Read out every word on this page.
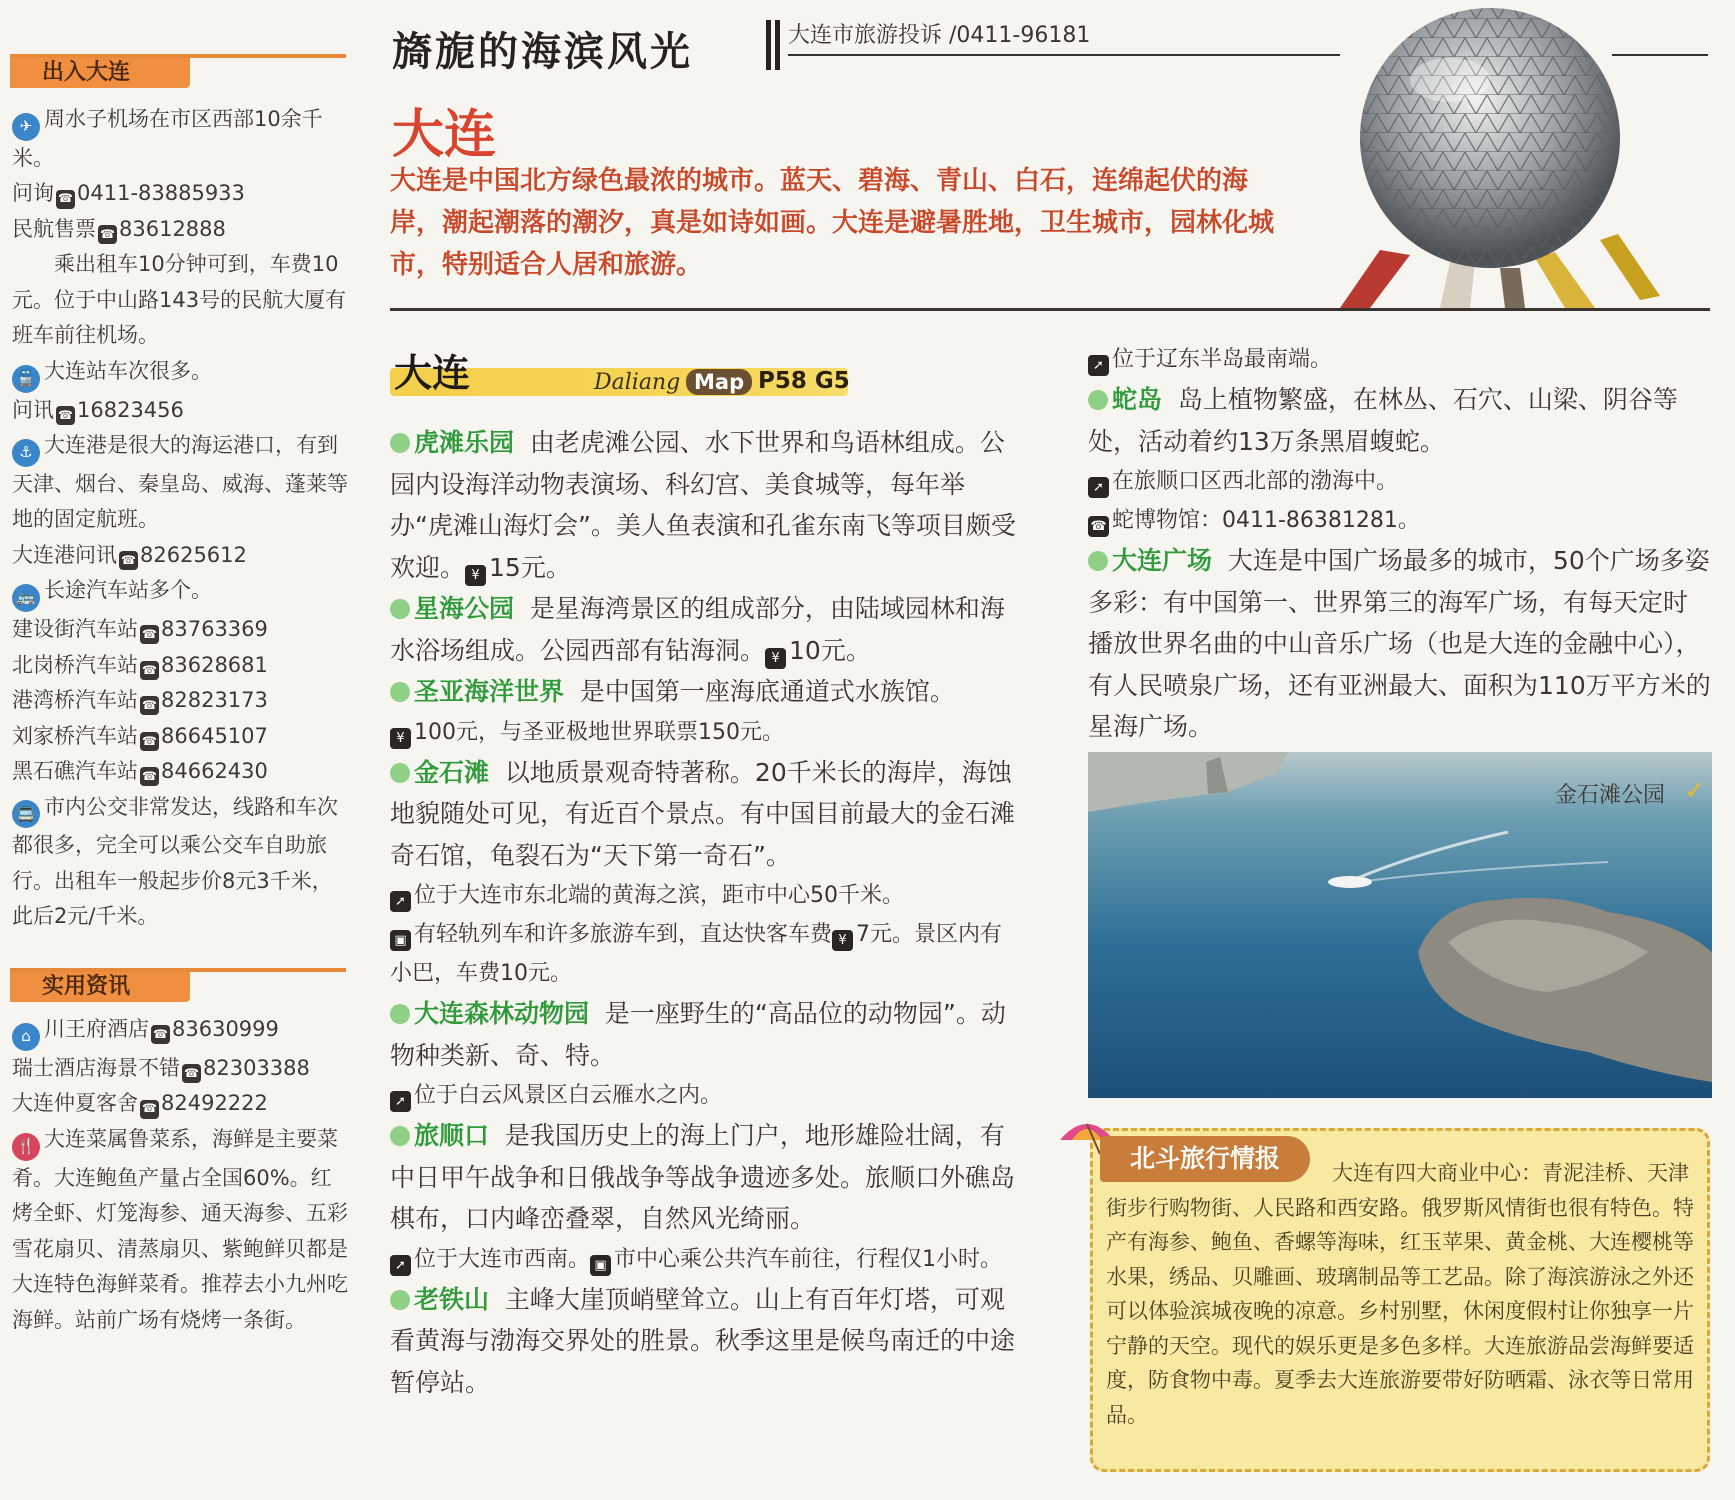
出入大连

✈ 周水子机场在市区西部10余千米。

问询 ☎ 0411-83885933

民航售票 ☎ 83612888

乘出租车10分钟可到，车费10元。位于中山路143号的民航大厦有班车前往机场。

🚆 大连站车次很多。

问讯 ☎ 16823456

⚓ 大连港是很大的海运港口，有到天津、烟台、秦皇岛、威海、蓬莱等地的固定航班。

大连港问讯 ☎ 82625612

🚌 长途汽车站多个。

建设街汽车站 ☎ 83763369

北岗桥汽车站 ☎ 83628681

港湾桥汽车站 ☎ 82823173

刘家桥汽车站 ☎ 86645107

黑石礁汽车站 ☎ 84662430

🚍 市内公交非常发达，线路和车次都很多，完全可以乘公交车自助旅行。出租车一般起步价8元3千米，此后2元/千米。

实用资讯

⌂ 川王府酒店 ☎ 83630999

瑞士酒店海景不错 ☎ 82303388

大连仲夏客舍 ☎ 82492222

🍴 大连菜属鲁菜系，海鲜是主要菜肴。大连鲍鱼产量占全国60%。红烤全虾、灯笼海参、通天海参、五彩雪花扇贝、清蒸扇贝、紫鲍鲜贝都是大连特色海鲜菜肴。推荐去小九州吃海鲜。站前广场有烧烤一条街。

旖旎的海滨风光	大连市旅游投诉 /0411-96181
大连
大连是中国北方绿色最浓的城市。蓝天、碧海、青山、白石，连绵起伏的海岸，潮起潮落的潮汐，真是如诗如画。大连是避暑胜地，卫生城市，园林化城市，特别适合人居和旅游。
大连	Daliang Map P58 G5

虎滩乐园 由老虎滩公园、水下世界和鸟语林组成。公园内设海洋动物表演场、科幻宫、美食城等，每年举办“虎滩山海灯会”。美人鱼表演和孔雀东南飞等项目颇受欢迎。 ¥ 15元。

星海公园 是星海湾景区的组成部分，由陆域园林和海水浴场组成。公园西部有钻海洞。 ¥ 10元。

圣亚海洋世界 是中国第一座海底通道式水族馆。

¥ 100元，与圣亚极地世界联票150元。

金石滩 以地质景观奇特著称。20千米长的海岸，海蚀地貌随处可见，有近百个景点。有中国目前最大的金石滩奇石馆，龟裂石为“天下第一奇石”。

➚ 位于大连市东北端的黄海之滨，距市中心50千米。

▣ 有轻轨列车和许多旅游车到，直达快客车费 ¥ 7元。景区内有小巴，车费10元。

大连森林动物园 是一座野生的“高品位的动物园”。动物种类新、奇、特。

➚ 位于白云风景区白云雁水之内。

旅顺口 是我国历史上的海上门户，地形雄险壮阔，有中日甲午战争和日俄战争等战争遗迹多处。旅顺口外礁岛棋布，口内峰峦叠翠，自然风光绮丽。

➚ 位于大连市西南。 ▣ 市中心乘公共汽车前往，行程仅1小时。

老铁山 主峰大崖顶峭壁耸立。山上有百年灯塔，可观看黄海与渤海交界处的胜景。秋季这里是候鸟南迁的中途暂停站。

➚ 位于辽东半岛最南端。

蛇岛 岛上植物繁盛，在林丛、石穴、山梁、阴谷等处，活动着约13万条黑眉蝮蛇。

➚ 在旅顺口区西北部的渤海中。

☎ 蛇博物馆：0411-86381281。

大连广场 大连是中国广场最多的城市，50个广场多姿多彩：有中国第一、世界第三的海军广场，有每天定时播放世界名曲的中山音乐广场（也是大连的金融中心），有人民喷泉广场，还有亚洲最大、面积为110万平方米的星海广场。

金石滩公园 ✓
北斗旅行情报	大连有四大商业中心：青泥洼桥、天津街步行购物街、人民路和西安路。俄罗斯风情街也很有特色。特产有海参、鲍鱼、香螺等海味，红玉苹果、黄金桃、大连樱桃等水果，绣品、贝雕画、玻璃制品等工艺品。除了海滨游泳之外还可以体验滨城夜晚的凉意。乡村别墅，休闲度假村让你独享一片宁静的天空。现代的娱乐更是多色多样。大连旅游品尝海鲜要适度，防食物中毒。夏季去大连旅游要带好防晒霜、泳衣等日常用品。
